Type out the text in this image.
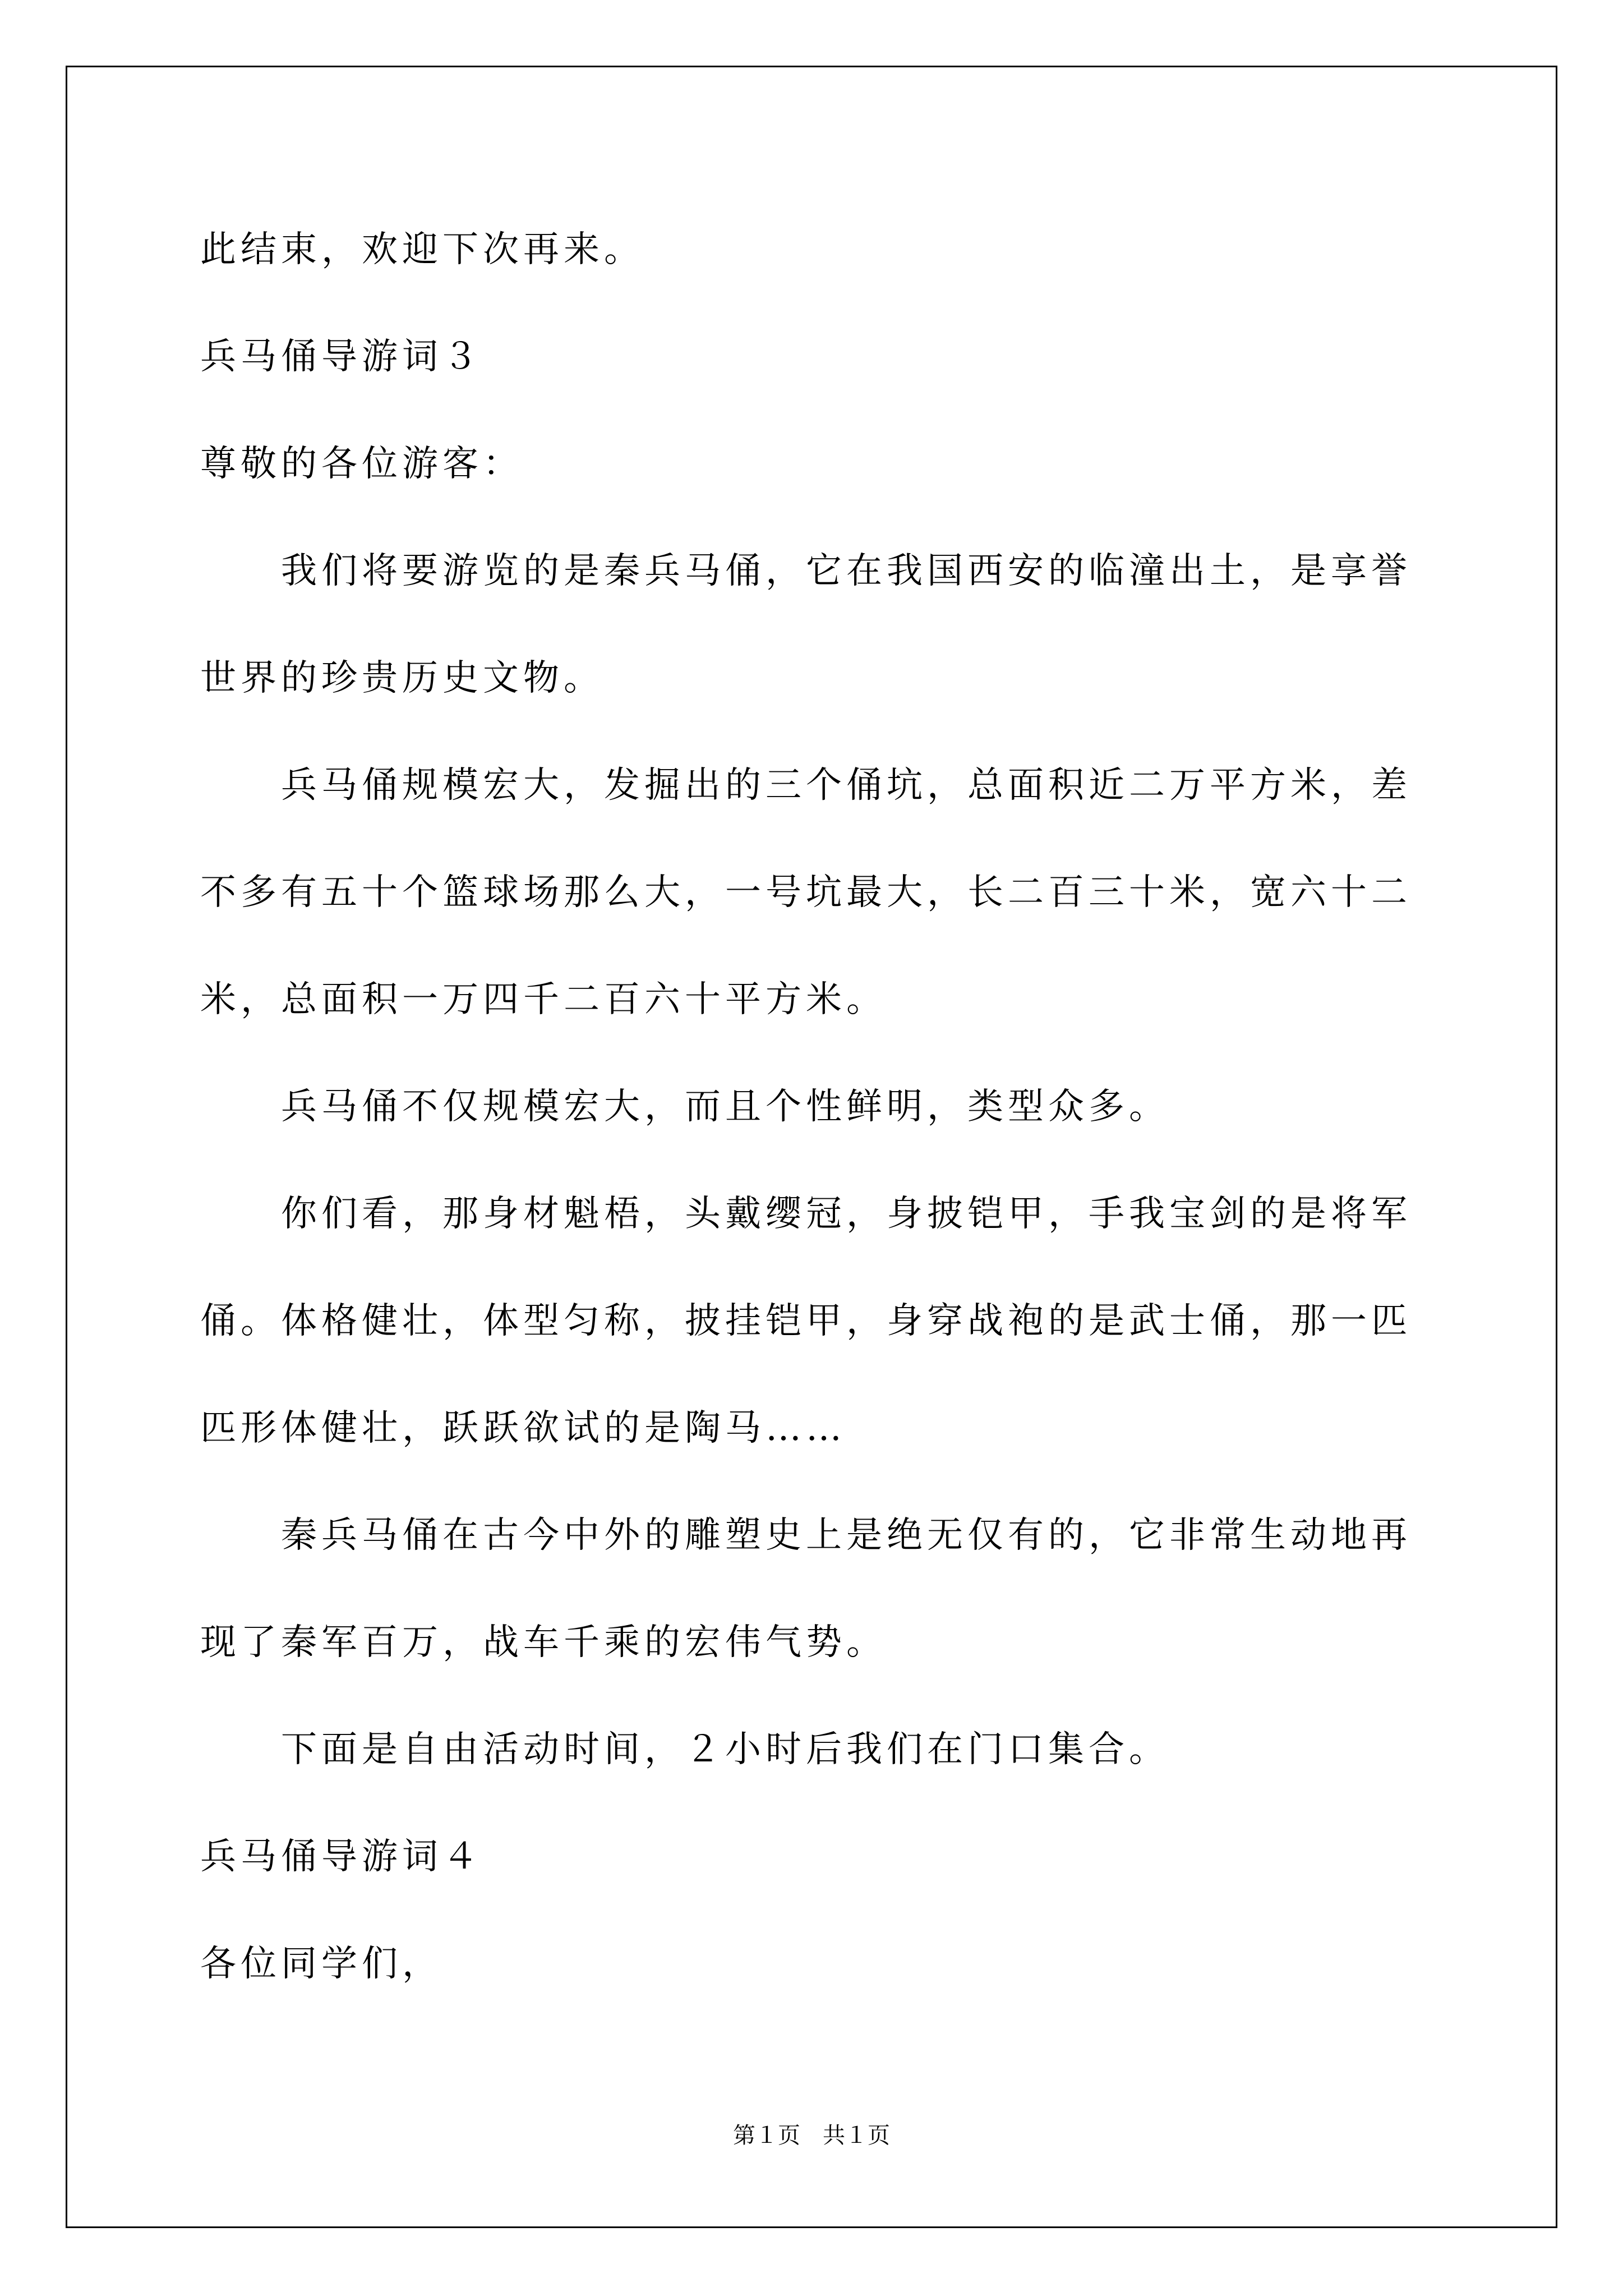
此结束，欢迎下次再来。
兵马俑导游词３
尊敬的各位游客：
我们将要游览的是秦兵马俑，它在我国西安的临潼出土，是享誉
世界的珍贵历史文物。
兵马俑规模宏大，发掘出的三个俑坑，总面积近二万平方米，差
不多有五十个篮球场那么大，一号坑最大，长二百三十米，宽六十二
米，总面积一万四千二百六十平方米。
兵马俑不仅规模宏大，而且个性鲜明，类型众多。
你们看，那身材魁梧，头戴缨冠，身披铠甲，手我宝剑的是将军
俑。体格健壮，体型匀称，披挂铠甲，身穿战袍的是武士俑，那一匹
匹形体健壮，跃跃欲试的是陶马……
秦兵马俑在古今中外的雕塑史上是绝无仅有的，它非常生动地再
现了秦军百万，战车千乘的宏伟气势。
下面是自由活动时间，２小时后我们在门口集合。
兵马俑导游词４
各位同学们，
第１页　共１页
